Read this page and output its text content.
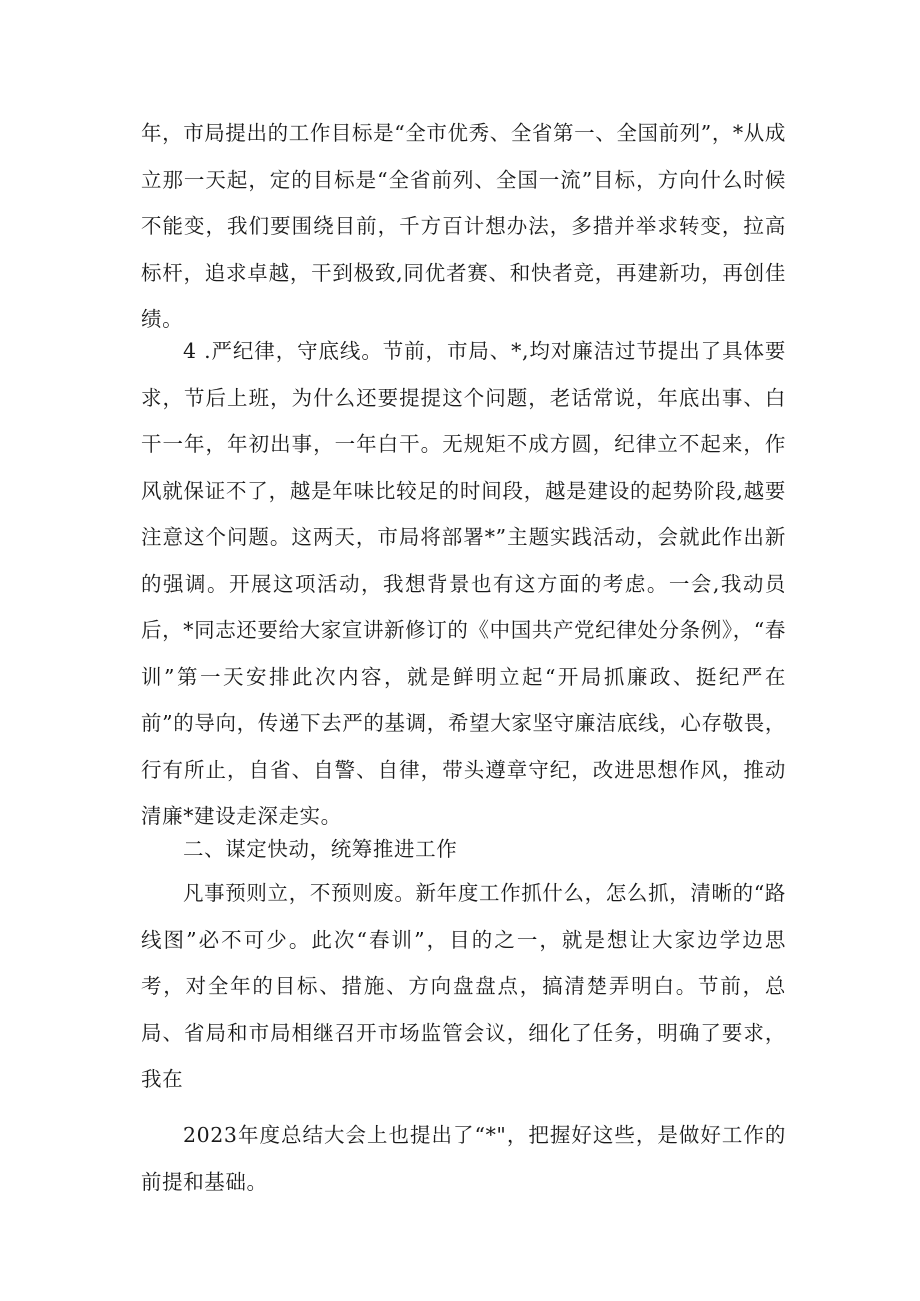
年，市局提出的工作目标是“全市优秀、全省第一、全国前列”，*从成立那一天起，定的目标是“全省前列、全国一流”目标，方向什么时候不能变，我们要围绕目前，千方百计想办法，多措并举求转变，拉高标杆，追求卓越，干到极致,同优者赛、和快者竞，再建新功，再创佳绩。

4 .严纪律，守底线。节前，市局、*,均对廉洁过节提出了具体要求，节后上班，为什么还要提提这个问题，老话常说，年底出事、白干一年，年初出事，一年白干。无规矩不成方圆，纪律立不起来，作风就保证不了，越是年味比较足的时间段，越是建设的起势阶段,越要注意这个问题。这两天，市局将部署*”主题实践活动，会就此作出新的强调。开展这项活动，我想背景也有这方面的考虑。一会,我动员后，*同志还要给大家宣讲新修订的《中国共产党纪律处分条例》，“春训”第一天安排此次内容，就是鲜明立起“开局抓廉政、挺纪严在前”的导向，传递下去严的基调，希望大家坚守廉洁底线，心存敬畏，行有所止，自省、自警、自律，带头遵章守纪，改进思想作风，推动清廉*建设走深走实。

二、谋定快动，统筹推进工作

凡事预则立，不预则废。新年度工作抓什么，怎么抓，清晰的“路线图”必不可少。此次“春训”，目的之一，就是想让大家边学边思考，对全年的目标、措施、方向盘盘点，搞清楚弄明白。节前，总局、省局和市局相继召开市场监管会议，细化了任务，明确了要求，我在

2023年度总结大会上也提出了“*"，把握好这些，是做好工作的前提和基础。
